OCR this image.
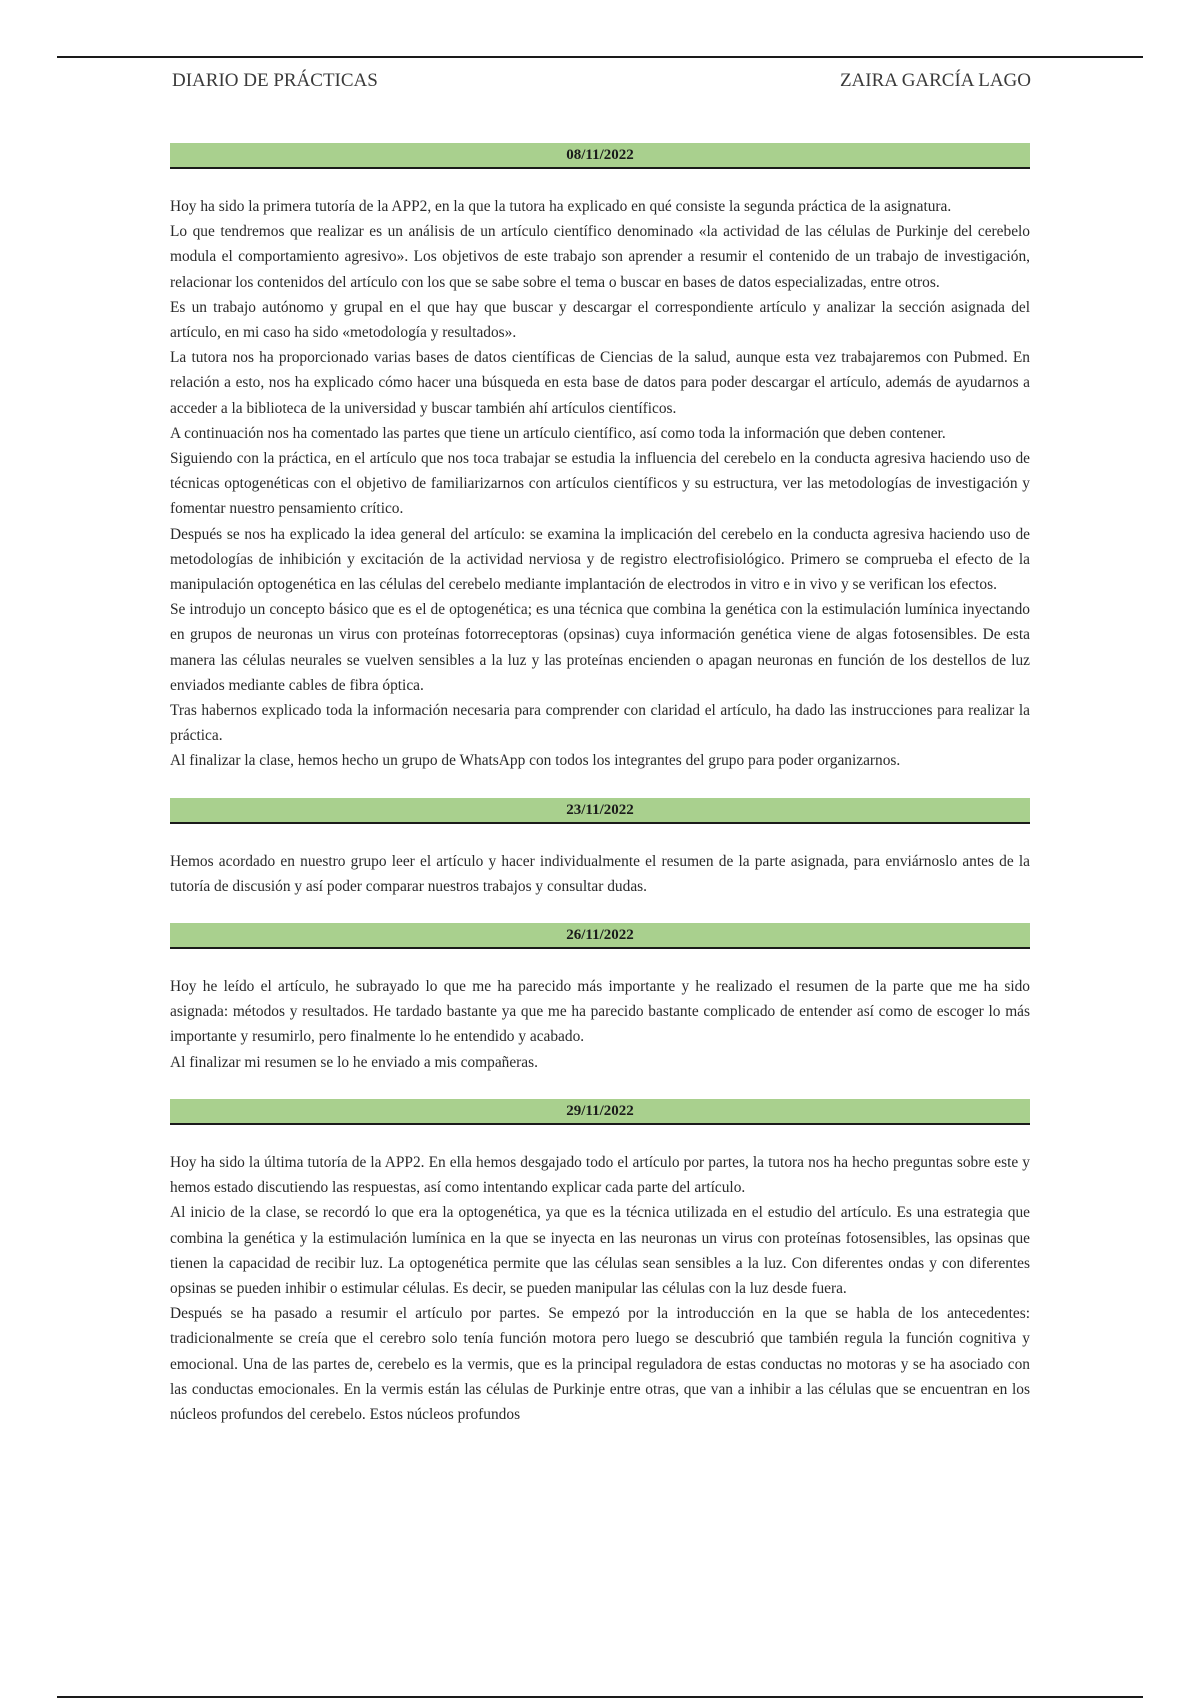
DIARIO DE PRÁCTICAS	ZAIRA GARCÍA LAGO
08/11/2022

Hoy ha sido la primera tutoría de la APP2, en la que la tutora ha explicado en qué consiste la segunda práctica de la asignatura.

Lo que tendremos que realizar es un análisis de un artículo científico denominado «la actividad de las células de Purkinje del cerebelo modula el comportamiento agresivo». Los objetivos de este trabajo son aprender a resumir el contenido de un trabajo de investigación, relacionar los contenidos del artículo con los que se sabe sobre el tema o buscar en bases de datos especializadas, entre otros.

Es un trabajo autónomo y grupal en el que hay que buscar y descargar el correspondiente artículo y analizar la sección asignada del artículo, en mi caso ha sido «metodología y resultados».

La tutora nos ha proporcionado varias bases de datos científicas de Ciencias de la salud, aunque esta vez trabajaremos con Pubmed. En relación a esto, nos ha explicado cómo hacer una búsqueda en esta base de datos para poder descargar el artículo, además de ayudarnos a acceder a la biblioteca de la universidad y buscar también ahí artículos científicos.

A continuación nos ha comentado las partes que tiene un artículo científico, así como toda la información que deben contener.

Siguiendo con la práctica, en el artículo que nos toca trabajar se estudia la influencia del cerebelo en la conducta agresiva haciendo uso de técnicas optogenéticas con el objetivo de familiarizarnos con artículos científicos y su estructura, ver las metodologías de investigación y fomentar nuestro pensamiento crítico.

Después se nos ha explicado la idea general del artículo: se examina la implicación del cerebelo en la conducta agresiva haciendo uso de metodologías de inhibición y excitación de la actividad nerviosa y de registro electrofisiológico. Primero se comprueba el efecto de la manipulación optogenética en las células del cerebelo mediante implantación de electrodos in vitro e in vivo y se verifican los efectos.

Se introdujo un concepto básico que es el de optogenética; es una técnica que combina la genética con la estimulación lumínica inyectando en grupos de neuronas un virus con proteínas fotorreceptoras (opsinas) cuya información genética viene de algas fotosensibles. De esta manera las células neurales se vuelven sensibles a la luz y las proteínas encienden o apagan neuronas en función de los destellos de luz enviados mediante cables de fibra óptica.

Tras habernos explicado toda la información necesaria para comprender con claridad el artículo, ha dado las instrucciones para realizar la práctica.

Al finalizar la clase, hemos hecho un grupo de WhatsApp con todos los integrantes del grupo para poder organizarnos.

23/11/2022

Hemos acordado en nuestro grupo leer el artículo y hacer individualmente el resumen de la parte asignada, para enviárnoslo antes de la tutoría de discusión y así poder comparar nuestros trabajos y consultar dudas.

26/11/2022

Hoy he leído el artículo, he subrayado lo que me ha parecido más importante y he realizado el resumen de la parte que me ha sido asignada: métodos y resultados. He tardado bastante ya que me ha parecido bastante complicado de entender así como de escoger lo más importante y resumirlo, pero finalmente lo he entendido y acabado.

Al finalizar mi resumen se lo he enviado a mis compañeras.

29/11/2022

Hoy ha sido la última tutoría de la APP2. En ella hemos desgajado todo el artículo por partes, la tutora nos ha hecho preguntas sobre este y hemos estado discutiendo las respuestas, así como intentando explicar cada parte del artículo.

Al inicio de la clase, se recordó lo que era la optogenética, ya que es la técnica utilizada en el estudio del artículo. Es una estrategia que combina la genética y la estimulación lumínica en la que se inyecta en las neuronas un virus con proteínas fotosensibles, las opsinas que tienen la capacidad de recibir luz. La optogenética permite que las células sean sensibles a la luz. Con diferentes ondas y con diferentes opsinas se pueden inhibir o estimular células. Es decir, se pueden manipular las células con la luz desde fuera.

Después se ha pasado a resumir el artículo por partes. Se empezó por la introducción en la que se habla de los antecedentes: tradicionalmente se creía que el cerebro solo tenía función motora pero luego se descubrió que también regula la función cognitiva y emocional. Una de las partes de, cerebelo es la vermis, que es la principal reguladora de estas conductas no motoras y se ha asociado con las conductas emocionales. En la vermis están las células de Purkinje entre otras, que van a inhibir a las células que se encuentran en los núcleos profundos del cerebelo. Estos núcleos profundos
